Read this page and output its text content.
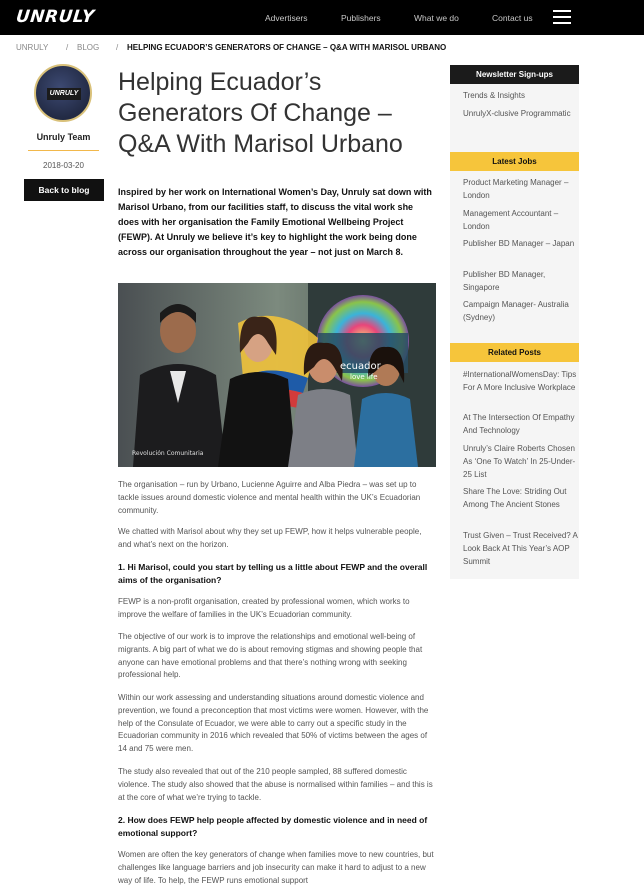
UNRULY	Advertisers	Publishers	What we do	Contact us
UNRULY / BLOG / HELPING ECUADOR’S GENERATORS OF CHANGE – Q&A WITH MARISOL URBANO
UNRULY
Unruly Team
2018-03-20
Back to blog
Helping Ecuador’s Generators Of Change – Q&A With Marisol Urbano

Inspired by her work on International Women’s Day, Unruly sat down with Marisol Urbano, from our facilities staff, to discuss the vital work she does with her organisation the Family Emotional Wellbeing Project (FEWP). At Unruly we believe it’s key to highlight the work being done across our organisation throughout the year – not just on March 8.

ecuador
love life
Revolución Comunitaria

The organisation – run by Urbano, Lucienne Aguirre and Alba Piedra – was set up to tackle issues around domestic violence and mental health within the UK’s Ecuadorian community.

We chatted with Marisol about why they set up FEWP, how it helps vulnerable people, and what’s next on the horizon.

1. Hi Marisol, could you start by telling us a little about FEWP and the overall aims of the organisation?

FEWP is a non-profit organisation, created by professional women, which works to improve the welfare of families in the UK’s Ecuadorian community.

The objective of our work is to improve the relationships and emotional well-being of migrants. A big part of what we do is about removing stigmas and showing people that anyone can have emotional problems and that there’s nothing wrong with seeking professional help.

Within our work assessing and understanding situations around domestic violence and prevention, we found a preconception that most victims were women. However, with the help of the Consulate of Ecuador, we were able to carry out a specific study in the Ecuadorian community in 2016 which revealed that 50% of victims between the ages of 14 and 75 were men.

The study also revealed that out of the 210 people sampled, 88 suffered domestic violence. The study also showed that the abuse is normalised within families – and this is at the core of what we’re trying to tackle.

2. How does FEWP help people affected by domestic violence and in need of emotional support?

Women are often the key generators of change when families move to new countries, but challenges like language barriers and job insecurity can make it hard to adjust to a new way of life. To help, the FEWP runs emotional support

Newsletter Sign-ups
Trends & Insights
UnrulyX-clusive Programmatic
Latest Jobs
Product Marketing Manager – London
Management Accountant – London
Publisher BD Manager – Japan
Publisher BD Manager, Singapore
Campaign Manager- Australia (Sydney)
Related Posts
#InternationalWomensDay: Tips For A More Inclusive Workplace
At The Intersection Of Empathy And Technology
Unruly’s Claire Roberts Chosen As ‘One To Watch’ In 25-Under-25 List
Share The Love: Striding Out Among The Ancient Stones
Trust Given – Trust Received? A Look Back At This Year’s AOP Summit
